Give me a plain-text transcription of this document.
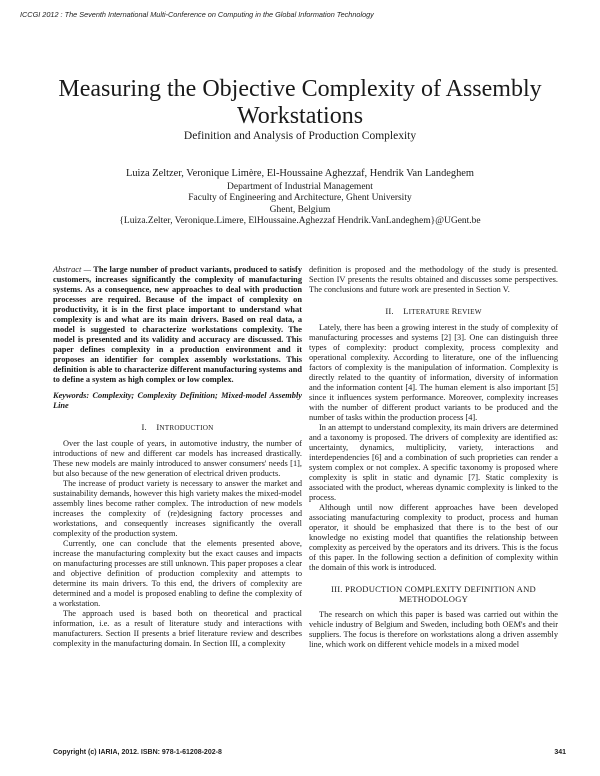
ICCGI 2012 : The Seventh International Multi-Conference on Computing in the Global Information Technology
Measuring the Objective Complexity of Assembly Workstations
Definition and Analysis of Production Complexity
Luiza Zeltzer, Veronique Limère, El-Houssaine Aghezzaf, Hendrik Van Landeghem
Department of Industrial Management
Faculty of Engineering and Architecture, Ghent University
Ghent, Belgium
{Luiza.Zelter, Veronique.Limere, ElHoussaine.Aghezzaf Hendrik.VanLandeghem}@UGent.be

Abstract — The large number of product variants, produced to satisfy customers, increases significantly the complexity of manufacturing systems. As a consequence, new approaches to deal with production processes are required. Because of the impact of complexity on productivity, it is in the first place important to understand what complexity is and what are its main drivers. Based on real data, a model is suggested to characterize workstations complexity. The model is presented and its validity and accuracy are discussed. This paper defines complexity in a production environment and it proposes an identifier for complex assembly workstations. This definition is able to characterize different manufacturing systems and to define a system as high complex or low complex.

Keywords: Complexity; Complexity Definition; Mixed-model Assembly Line

I. INTRODUCTION

Over the last couple of years, in automotive industry, the number of introductions of new and different car models has increased drastically. These new models are mainly introduced to answer consumers' needs [1], but also because of the new generation of electrical driven products.

The increase of product variety is necessary to answer the market and sustainability demands, however this high variety makes the mixed-model assembly lines become rather complex. The introduction of new models increases the complexity of (re)designing factory processes and workstations, and consequently increases significantly the overall complexity of the production system.

Currently, one can conclude that the elements presented above, increase the manufacturing complexity but the exact causes and impacts on manufacturing processes are still unknown. This paper proposes a clear and objective definition of production complexity and attempts to determine its main drivers. To this end, the drivers of complexity are determined and a model is proposed enabling to define the complexity of a workstation.

The approach used is based both on theoretical and practical information, i.e. as a result of literature study and interactions with manufacturers. Section II presents a brief literature review and describes complexity in the manufacturing domain. In Section III, a complexity

definition is proposed and the methodology of the study is presented. Section IV presents the results obtained and discusses some perspectives. The conclusions and future work are presented in Section V.

II. LITERATURE REVIEW

Lately, there has been a growing interest in the study of complexity of manufacturing processes and systems [2] [3]. One can distinguish three types of complexity: product complexity, process complexity and operational complexity. According to literature, one of the influencing factors of complexity is the manipulation of information. Complexity is directly related to the quantity of information, diversity of information and the information content [4]. The human element is also important [5] since it influences system performance. Moreover, complexity increases with the number of different product variants to be produced and the number of tasks within the production process [4].

In an attempt to understand complexity, its main drivers are determined and a taxonomy is proposed. The drivers of complexity are identified as: uncertainty, dynamics, multiplicity, variety, interactions and interdependencies [6] and a combination of such proprieties can render a system complex or not complex. A specific taxonomy is proposed where complexity is split in static and dynamic [7]. Static complexity is associated with the product, whereas dynamic complexity is linked to the process.

Although until now different approaches have been developed associating manufacturing complexity to product, process and human operator, it should be emphasized that there is to the best of our knowledge no existing model that quantifies the relationship between complexity as perceived by the operators and its drivers. This is the focus of this paper. In the following section a definition of complexity within the domain of this work is introduced.

III. PRODUCTION COMPLEXITY DEFINITION AND
METHODOLOGY

The research on which this paper is based was carried out within the vehicle industry of Belgium and Sweden, including both OEM's and their suppliers. The focus is therefore on workstations along a driven assembly line, which work on different vehicle models in a mixed model

Copyright (c) IARIA, 2012. ISBN: 978-1-61208-202-8	341
